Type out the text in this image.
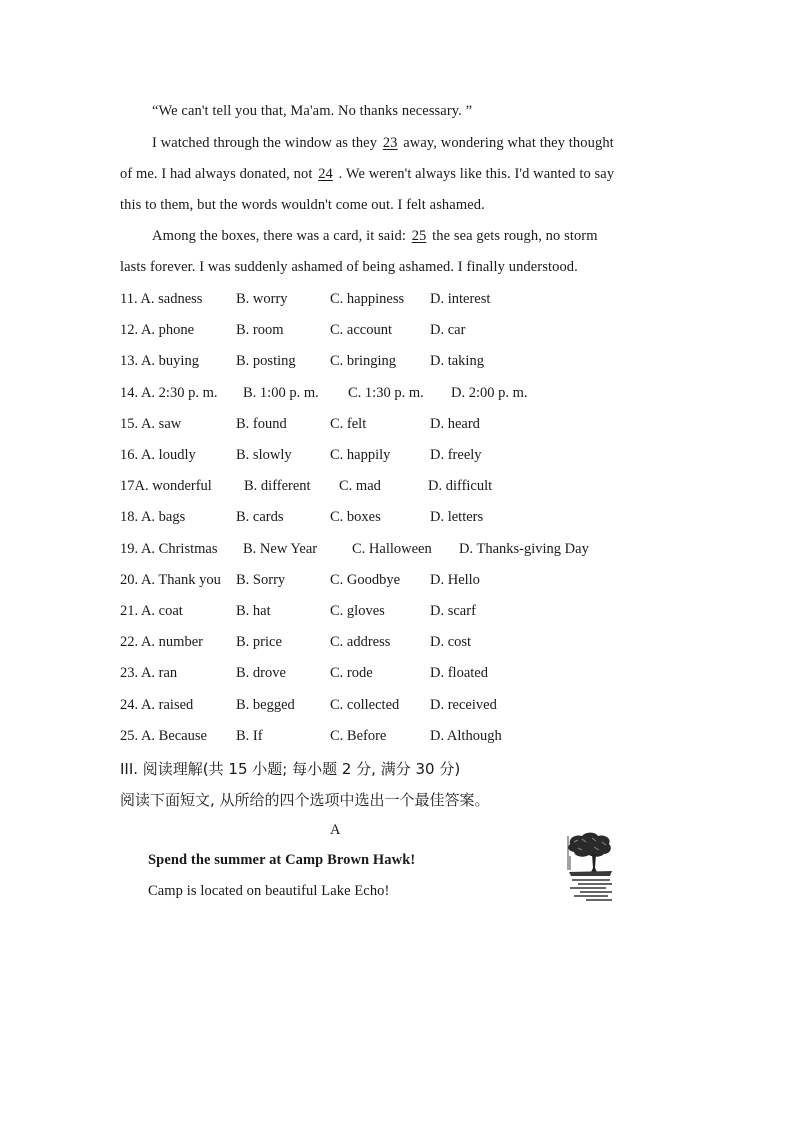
“We can't tell you that, Ma'am. No thanks necessary. ”
I watched through the window as they 23 away, wondering what they thought
of me. I had always donated, not 24 . We weren't always like this. I'd wanted to say
this to them, but the words wouldn't come out. I felt ashamed.
Among the boxes, there was a card, it said: 25 the sea gets rough, no storm
lasts forever. I was suddenly ashamed of being ashamed. I finally understood.
11. A. sadness B. worry	C. happiness D. interest
12. A. phone	B. room	C. account	D. car
13. A. buying	B. posting C. bringing D. taking
14. A. 2:30 p. m. B. 1:00 p. m. C. 1:30 p. m. D. 2:00 p. m.
15. A. saw	B. found	C. felt	D. heard
16. A. loudly	B. slowly	C. happily	D. freely
17A. wonderful B. different C. mad	D. difficult
18. A. bags	B. cards	C. boxes	D. letters
19. A. Christmas B. New Year C. Halloween D. Thanks-giving Day
20. A. Thank you B. Sorry	C. Goodbye D. Hello
21. A. coat	B. hat	C. gloves	D. scarf
22. A. number B. price	C. address	D. cost
23. A. ran	B. drove	C. rode	D. floated
24. A. raised	B. begged C. collected D. received
25. A. Because B. If	C. Before	D. Although
III. 阅读理解(共 15 小题; 每小题 2 分, 满分 30 分)
阅读下面短文, 从所给的四个选项中选出一个最佳答案。
A
Spend the summer at Camp Brown Hawk!
Camp is located on beautiful Lake Echo!
